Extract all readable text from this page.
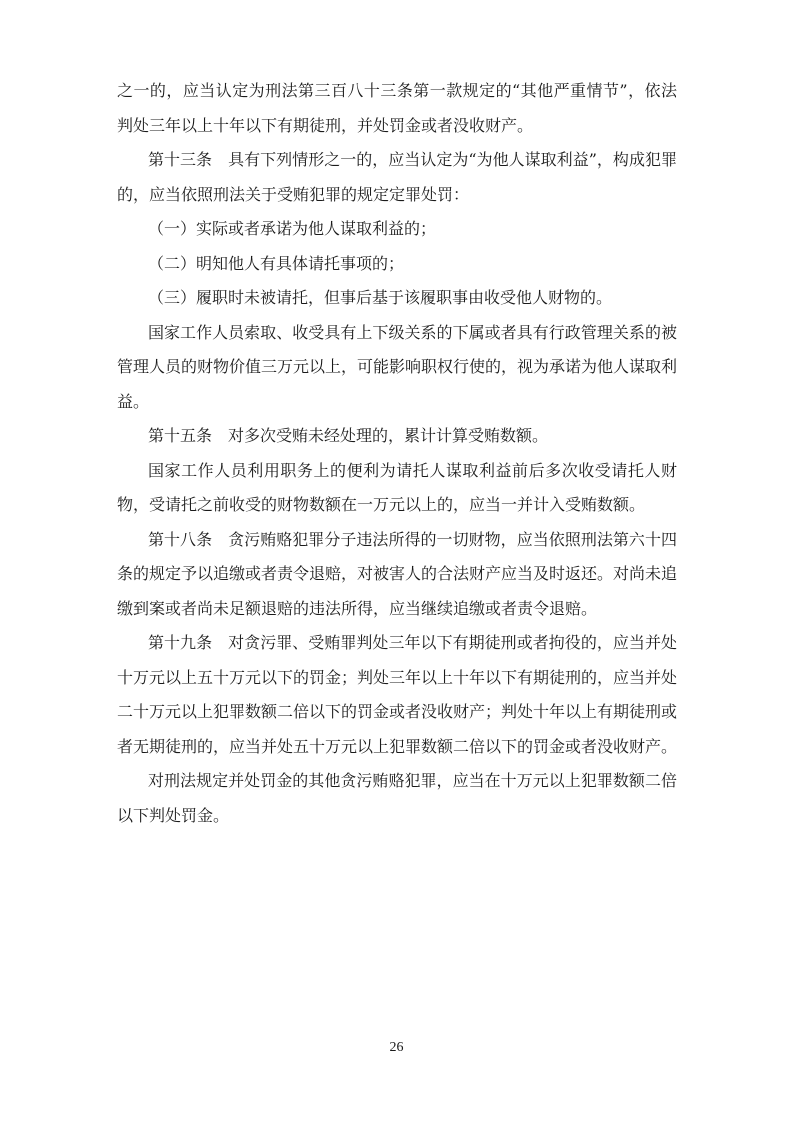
之一的，应当认定为刑法第三百八十三条第一款规定的“其他严重情节”，依法判处三年以上十年以下有期徒刑，并处罚金或者没收财产。

第十三条　具有下列情形之一的，应当认定为“为他人谋取利益”，构成犯罪的，应当依照刑法关于受贿犯罪的规定定罪处罚：

（一）实际或者承诺为他人谋取利益的；

（二）明知他人有具体请托事项的；

（三）履职时未被请托，但事后基于该履职事由收受他人财物的。

国家工作人员索取、收受具有上下级关系的下属或者具有行政管理关系的被管理人员的财物价值三万元以上，可能影响职权行使的，视为承诺为他人谋取利益。

第十五条　对多次受贿未经处理的，累计计算受贿数额。

国家工作人员利用职务上的便利为请托人谋取利益前后多次收受请托人财物，受请托之前收受的财物数额在一万元以上的，应当一并计入受贿数额。

第十八条　贪污贿赂犯罪分子违法所得的一切财物，应当依照刑法第六十四条的规定予以追缴或者责令退赔，对被害人的合法财产应当及时返还。对尚未追缴到案或者尚未足额退赔的违法所得，应当继续追缴或者责令退赔。

第十九条　对贪污罪、受贿罪判处三年以下有期徒刑或者拘役的，应当并处十万元以上五十万元以下的罚金；判处三年以上十年以下有期徒刑的，应当并处二十万元以上犯罪数额二倍以下的罚金或者没收财产；判处十年以上有期徒刑或者无期徒刑的，应当并处五十万元以上犯罪数额二倍以下的罚金或者没收财产。

对刑法规定并处罚金的其他贪污贿赂犯罪，应当在十万元以上犯罪数额二倍以下判处罚金。

26
